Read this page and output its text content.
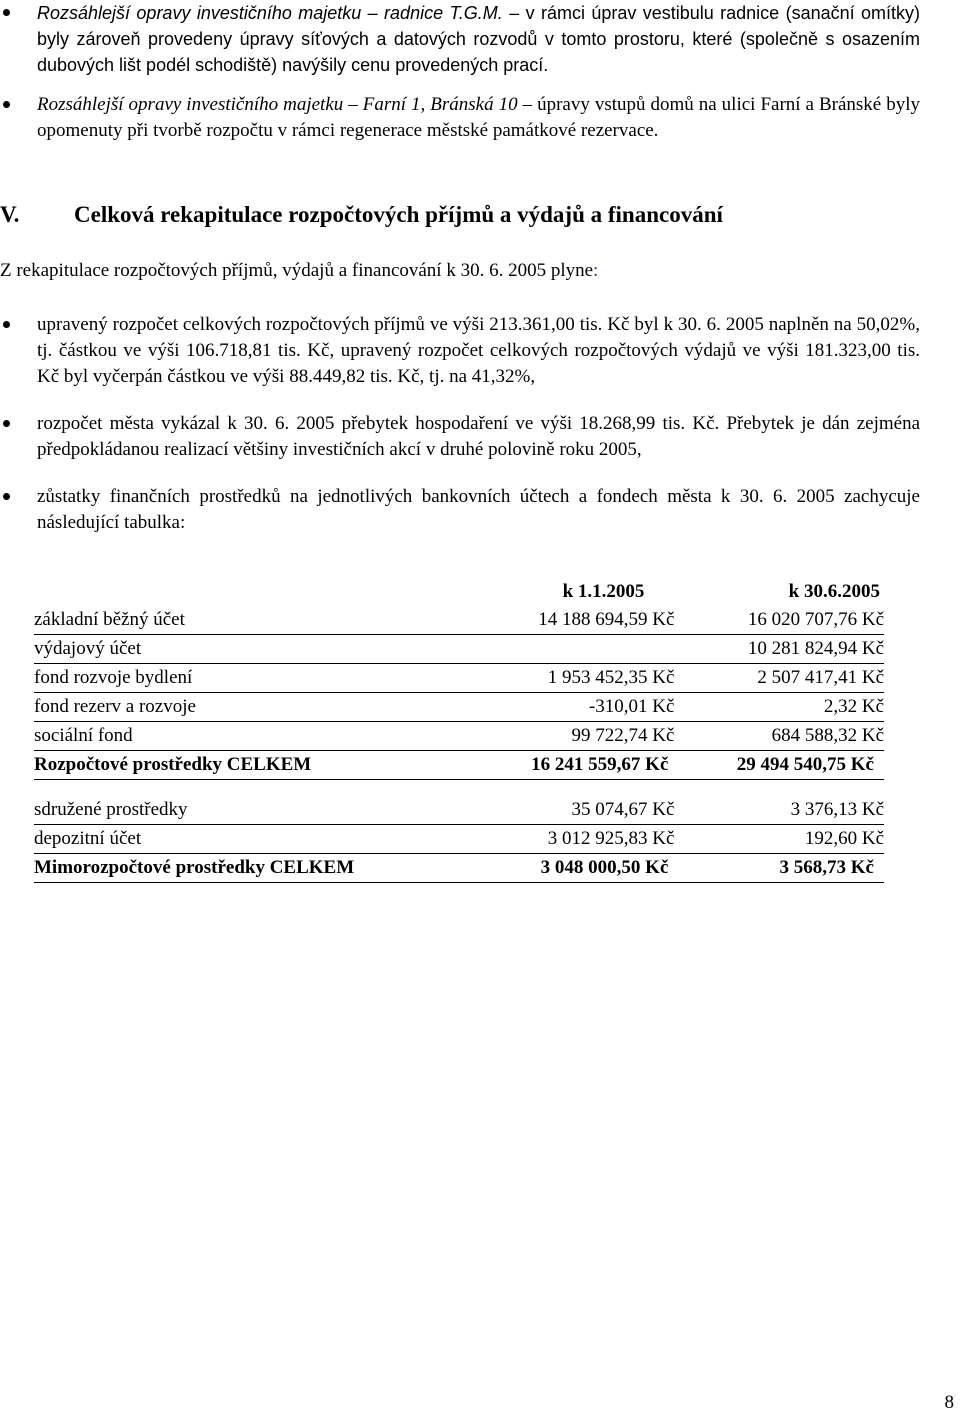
Rozsáhlejší opravy investičního majetku – radnice T.G.M. – v rámci úprav vestibulu radnice (sanační omítky) byly zároveň provedeny úpravy síťových a datových rozvodů v tomto prostoru, které (společně s osazením dubových lišt podél schodiště) navýšily cenu provedených prací.
Rozsáhlejší opravy investičního majetku – Farní 1, Bránská 10 – úpravy vstupů domů na ulici Farní a Bránské byly opomenuty při tvorbě rozpočtu v rámci regenerace městské památkové rezervace.
V. Celková rekapitulace rozpočtových příjmů a výdajů a financování
Z rekapitulace rozpočtových příjmů, výdajů a financování k 30. 6. 2005 plyne:
upravený rozpočet celkových rozpočtových příjmů ve výši 213.361,00 tis. Kč byl k 30. 6. 2005 naplněn na 50,02%, tj. částkou ve výši 106.718,81 tis. Kč, upravený rozpočet celkových rozpočtových výdajů ve výši 181.323,00 tis. Kč byl vyčerpán částkou ve výši 88.449,82 tis. Kč, tj. na 41,32%,
rozpočet města vykázal k 30. 6. 2005 přebytek hospodaření ve výši 18.268,99 tis. Kč. Přebytek je dán zejména předpokládanou realizací většiny investičních akcí v druhé polovině roku 2005,
zůstatky finančních prostředků na jednotlivých bankovních účtech a fondech města k 30. 6. 2005 zachycuje následující tabulka:
	k 1.1.2005	k 30.6.2005
základní běžný účet	14 188 694,59 Kč	16 020 707,76 Kč
výdajový účet		10 281 824,94 Kč
fond rozvoje bydlení	1 953 452,35 Kč	2 507 417,41 Kč
fond rezerv a rozvoje	-310,01 Kč	2,32 Kč
sociální fond	99 722,74 Kč	684 588,32 Kč
Rozpočtové prostředky CELKEM	16 241 559,67 Kč	29 494 540,75 Kč

sdružené prostředky	35 074,67 Kč	3 376,13 Kč
depozitní účet	3 012 925,83 Kč	192,60 Kč
Mimorozpočtové prostředky CELKEM	3 048 000,50 Kč	3 568,73 Kč
8
